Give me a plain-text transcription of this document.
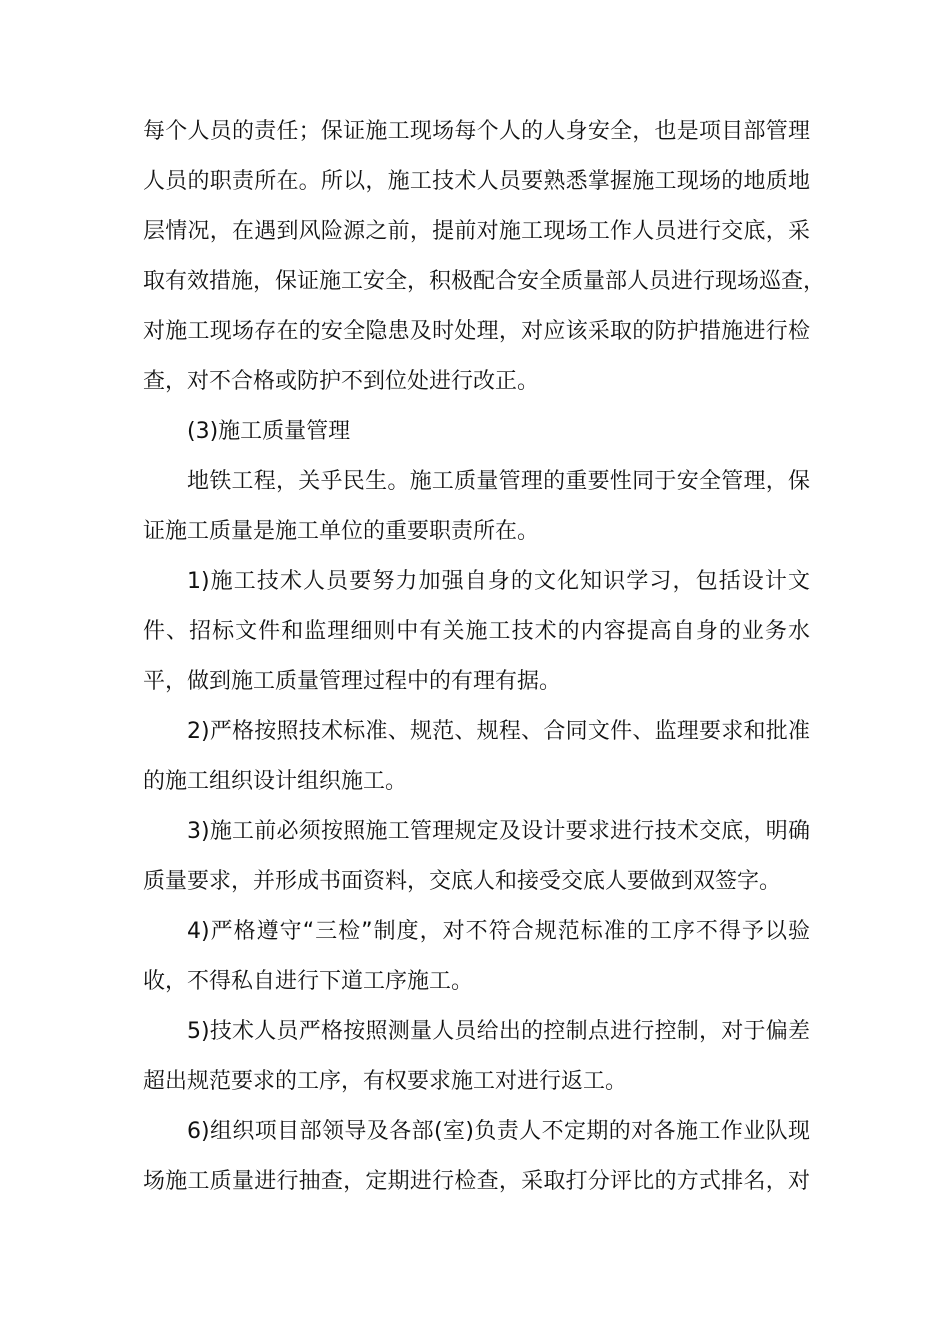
每个人员的责任；保证施工现场每个人的人身安全，也是项目部管理
人员的职责所在。所以，施工技术人员要熟悉掌握施工现场的地质地
层情况，在遇到风险源之前，提前对施工现场工作人员进行交底，采
取有效措施，保证施工安全，积极配合安全质量部人员进行现场巡查，
对施工现场存在的安全隐患及时处理，对应该采取的防护措施进行检
查，对不合格或防护不到位处进行改正。
(3)施工质量管理
地铁工程，关乎民生。施工质量管理的重要性同于安全管理，保
证施工质量是施工单位的重要职责所在。
1)施工技术人员要努力加强自身的文化知识学习，包括设计文
件、招标文件和监理细则中有关施工技术的内容提高自身的业务水
平，做到施工质量管理过程中的有理有据。
2)严格按照技术标准、规范、规程、合同文件、监理要求和批准
的施工组织设计组织施工。
3)施工前必须按照施工管理规定及设计要求进行技术交底，明确
质量要求，并形成书面资料，交底人和接受交底人要做到双签字。
4)严格遵守“三检”制度，对不符合规范标准的工序不得予以验
收，不得私自进行下道工序施工。
5)技术人员严格按照测量人员给出的控制点进行控制，对于偏差
超出规范要求的工序，有权要求施工对进行返工。
6)组织项目部领导及各部(室)负责人不定期的对各施工作业队现
场施工质量进行抽查，定期进行检查，采取打分评比的方式排名，对
